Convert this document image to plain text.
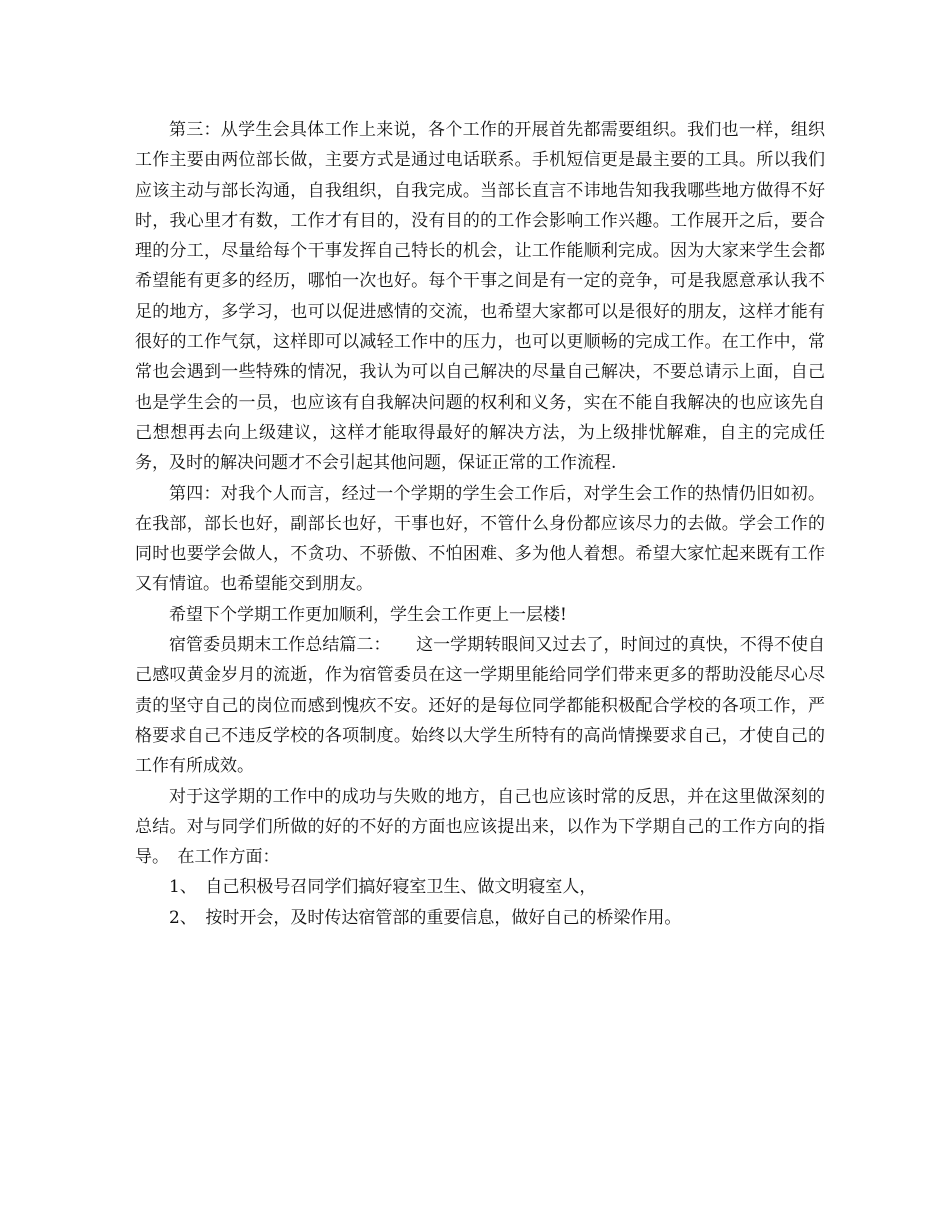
第三：从学生会具体工作上来说，各个工作的开展首先都需要组织。我们也一样，组织工作主要由两位部长做，主要方式是通过电话联系。手机短信更是最主要的工具。所以我们应该主动与部长沟通，自我组织，自我完成。当部长直言不讳地告知我我哪些地方做得不好时，我心里才有数，工作才有目的，没有目的的工作会影响工作兴趣。工作展开之后，要合理的分工，尽量给每个干事发挥自己特长的机会，让工作能顺利完成。因为大家来学生会都希望能有更多的经历，哪怕一次也好。每个干事之间是有一定的竞争，可是我愿意承认我不足的地方，多学习，也可以促进感情的交流，也希望大家都可以是很好的朋友，这样才能有很好的工作气氛，这样即可以减轻工作中的压力，也可以更顺畅的完成工作。在工作中，常常也会遇到一些特殊的情况，我认为可以自己解决的尽量自己解决，不要总请示上面，自己也是学生会的一员，也应该有自我解决问题的权利和义务，实在不能自我解决的也应该先自己想想再去向上级建议，这样才能取得最好的解决方法，为上级排忧解难，自主的完成任务，及时的解决问题才不会引起其他问题，保证正常的工作流程.

第四：对我个人而言，经过一个学期的学生会工作后，对学生会工作的热情仍旧如初。在我部，部长也好，副部长也好，干事也好，不管什么身份都应该尽力的去做。学会工作的同时也要学会做人，不贪功、不骄傲、不怕困难、多为他人着想。希望大家忙起来既有工作又有情谊。也希望能交到朋友。

希望下个学期工作更加顺利，学生会工作更上一层楼!

宿管委员期末工作总结篇二：　　这一学期转眼间又过去了，时间过的真快，不得不使自己感叹黄金岁月的流逝，作为宿管委员在这一学期里能给同学们带来更多的帮助没能尽心尽责的坚守自己的岗位而感到愧疚不安。还好的是每位同学都能积极配合学校的各项工作，严格要求自己不违反学校的各项制度。始终以大学生所特有的高尚情操要求自己，才使自己的工作有所成效。

对于这学期的工作中的成功与失败的地方，自己也应该时常的反思，并在这里做深刻的总结。对与同学们所做的好的不好的方面也应该提出来，以作为下学期自己的工作方向的指导。　在工作方面：

1、　自己积极号召同学们搞好寝室卫生、做文明寝室人，

2、　按时开会，及时传达宿管部的重要信息，做好自己的桥梁作用。
